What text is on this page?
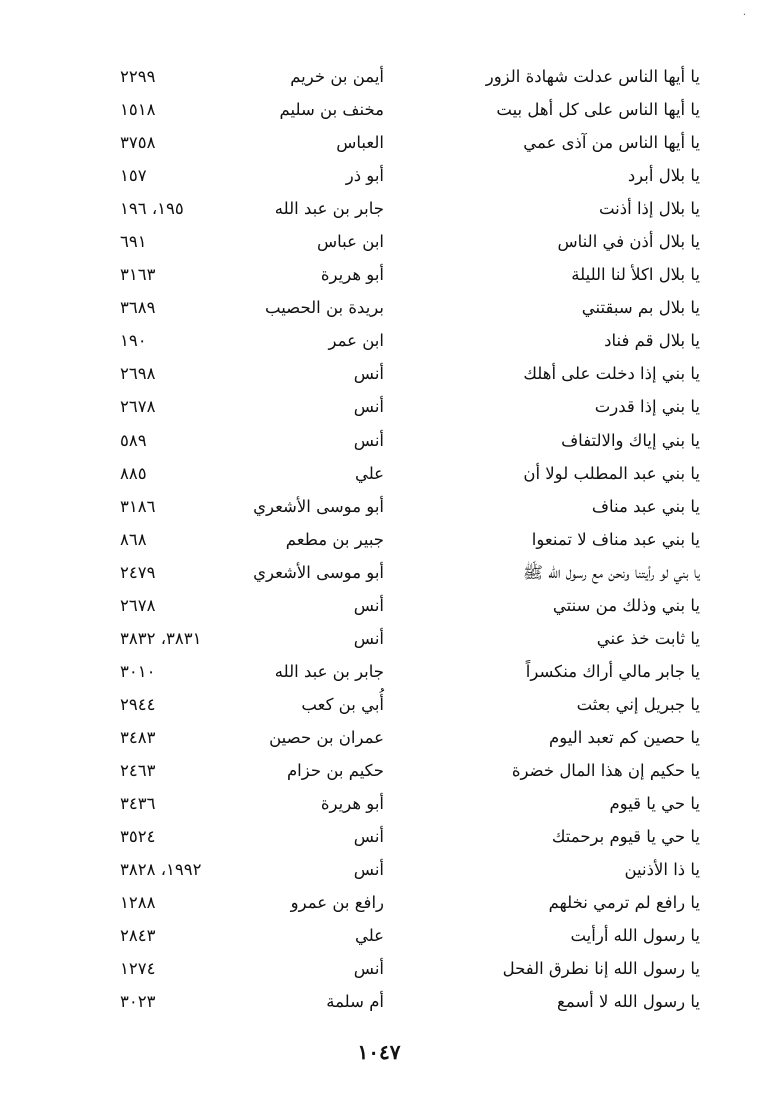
·
يا أيها الناس عدلت شهادة الزور
أيمن بن خريم
٢٢٩٩
يا أيها الناس على كل أهل بيت
مخنف بن سليم
١٥١٨
يا أيها الناس من آذى عمي
العباس
٣٧٥٨
يا بلال أبرد
أبو ذر
١٥٧
يا بلال إذا أذنت
جابر بن عبد الله
١٩٥، ١٩٦
يا بلال أذن في الناس
ابن عباس
٦٩١
يا بلال اكلأ لنا الليلة
أبو هريرة
٣١٦٣
يا بلال بم سبقتني
بريدة بن الحصيب
٣٦٨٩
يا بلال قم فناد
ابن عمر
١٩٠
يا بني إذا دخلت على أهلك
أنس
٢٦٩٨
يا بني إذا قدرت
أنس
٢٦٧٨
يا بني إياك والالتفاف
أنس
٥٨٩
يا بني عبد المطلب لولا أن
علي
٨٨٥
يا بني عبد مناف
أبو موسى الأشعري
٣١٨٦
يا بني عبد مناف لا تمنعوا
جبير بن مطعم
٨٦٨
يا بني لو رأيتنا ونحن مع رسول الله ﷺ
أبو موسى الأشعري
٢٤٧٩
يا بني وذلك من سنتي
أنس
٢٦٧٨
يا ثابت خذ عني
أنس
٣٨٣١، ٣٨٣٢
يا جابر مالي أراك منكسراً
جابر بن عبد الله
٣٠١٠
يا جبريل إني بعثت
أُبي بن كعب
٢٩٤٤
يا حصين كم تعبد اليوم
عمران بن حصين
٣٤٨٣
يا حكيم إن هذا المال خضرة
حكيم بن حزام
٢٤٦٣
يا حي يا قيوم
أبو هريرة
٣٤٣٦
يا حي يا قيوم برحمتك
أنس
٣٥٢٤
يا ذا الأذنين
أنس
١٩٩٢، ٣٨٢٨
يا رافع لم ترمي نخلهم
رافع بن عمرو
١٢٨٨
يا رسول الله أرأيت
علي
٢٨٤٣
يا رسول الله إنا نطرق الفحل
أنس
١٢٧٤
يا رسول الله لا أسمع
أم سلمة
٣٠٢٣
١٠٤٧
